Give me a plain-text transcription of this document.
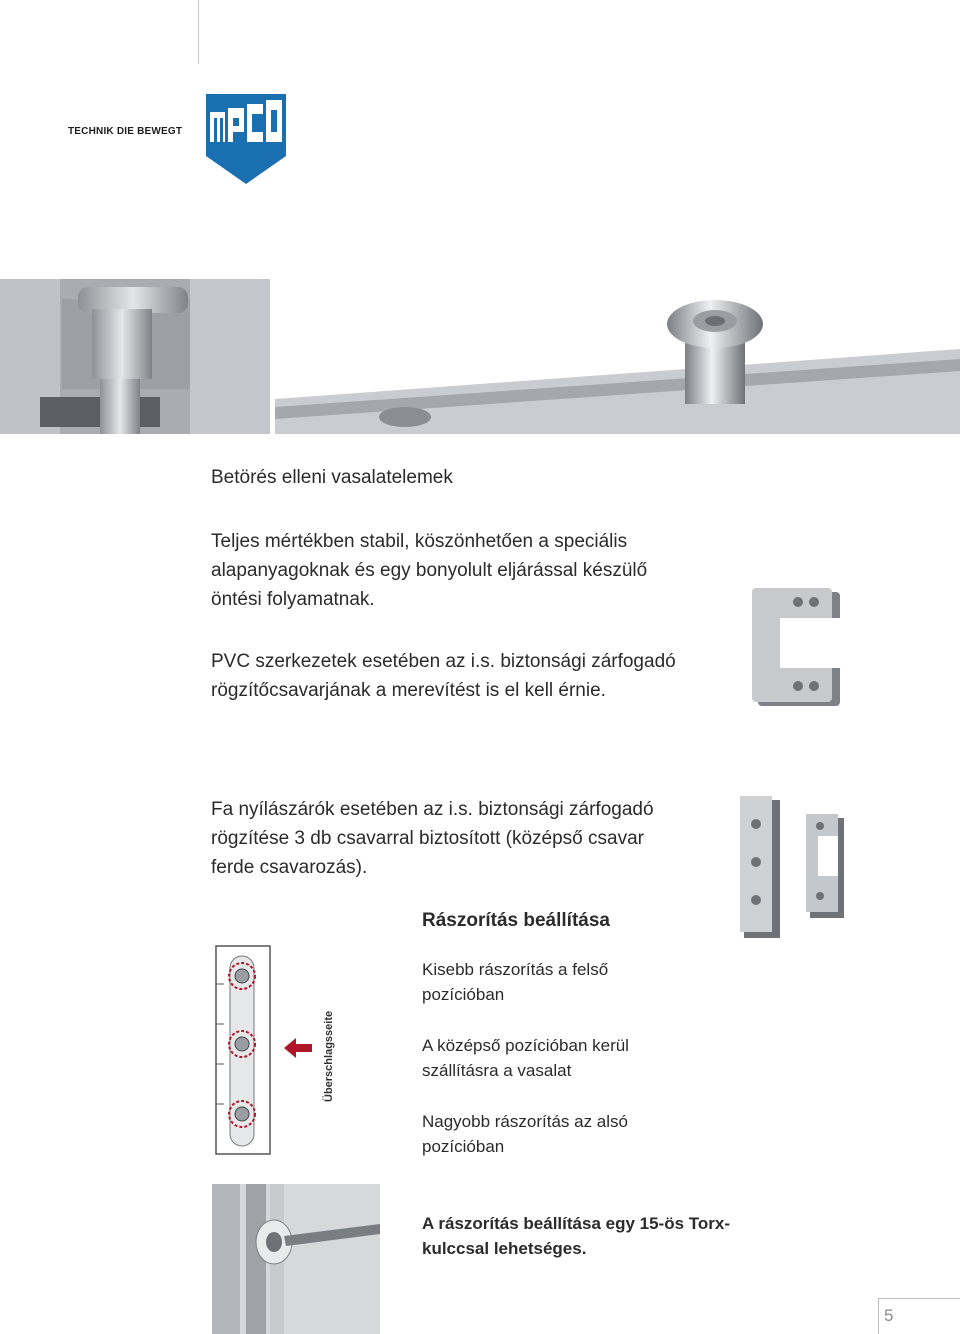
TECHNIK DIE BEWEGT
Betörés elleni vasalatelemek
Teljes mértékben stabil, köszönhetően a speciális alapanyagoknak és egy bonyolult eljárással készülő öntési folyamatnak.
PVC szerkezetek esetében az i.s. biztonsági zárfogadó rögzítőcsavarjának a merevítést is el kell érnie.
Fa nyílászárók esetében az i.s. biztonsági zárfogadó rögzítése 3 db csavarral biztosított (középső csavar ferde csavarozás).
Rászorítás beállítása
Kisebb rászorítás a felső pozícióban
A középső pozícióban kerül szállításra a vasalat
Nagyobb rászorítás az alsó pozícióban
Überschlagsseite
A rászorítás beállítása egy 15-ös Torx-kulccsal lehetséges.
5
